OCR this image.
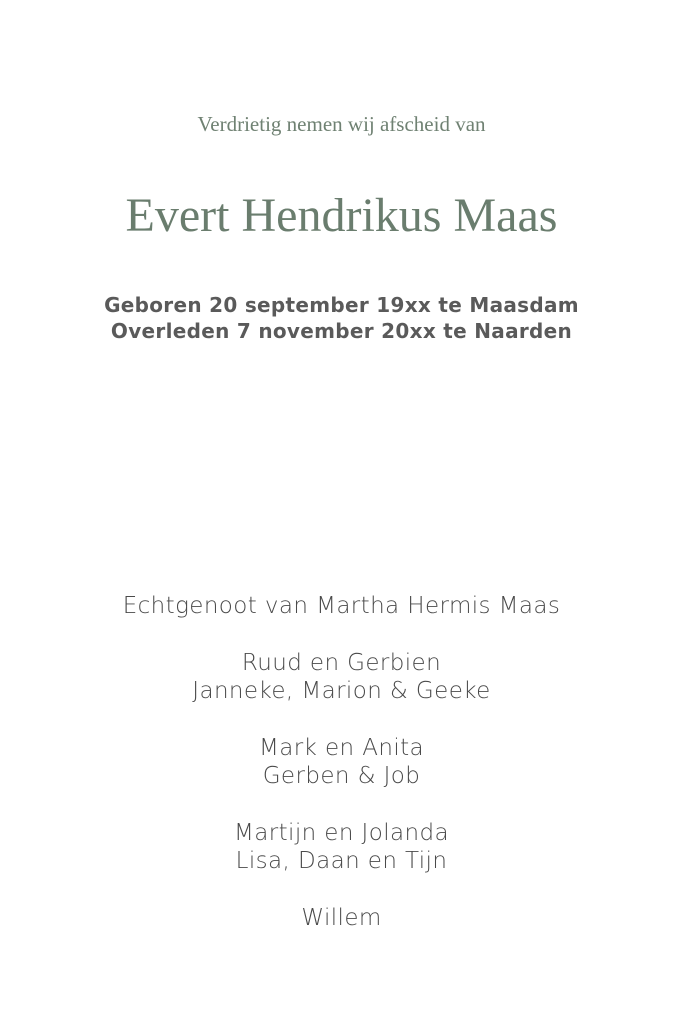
Verdrietig nemen wij afscheid van
Evert Hendrikus Maas
Geboren 20 september 19xx te Maasdam
Overleden 7 november 20xx te Naarden
Echtgenoot van Martha Hermis Maas
Ruud en Gerbien
Janneke, Marion & Geeke
Mark en Anita
Gerben & Job
Martijn en Jolanda
Lisa, Daan en Tijn
Willem
